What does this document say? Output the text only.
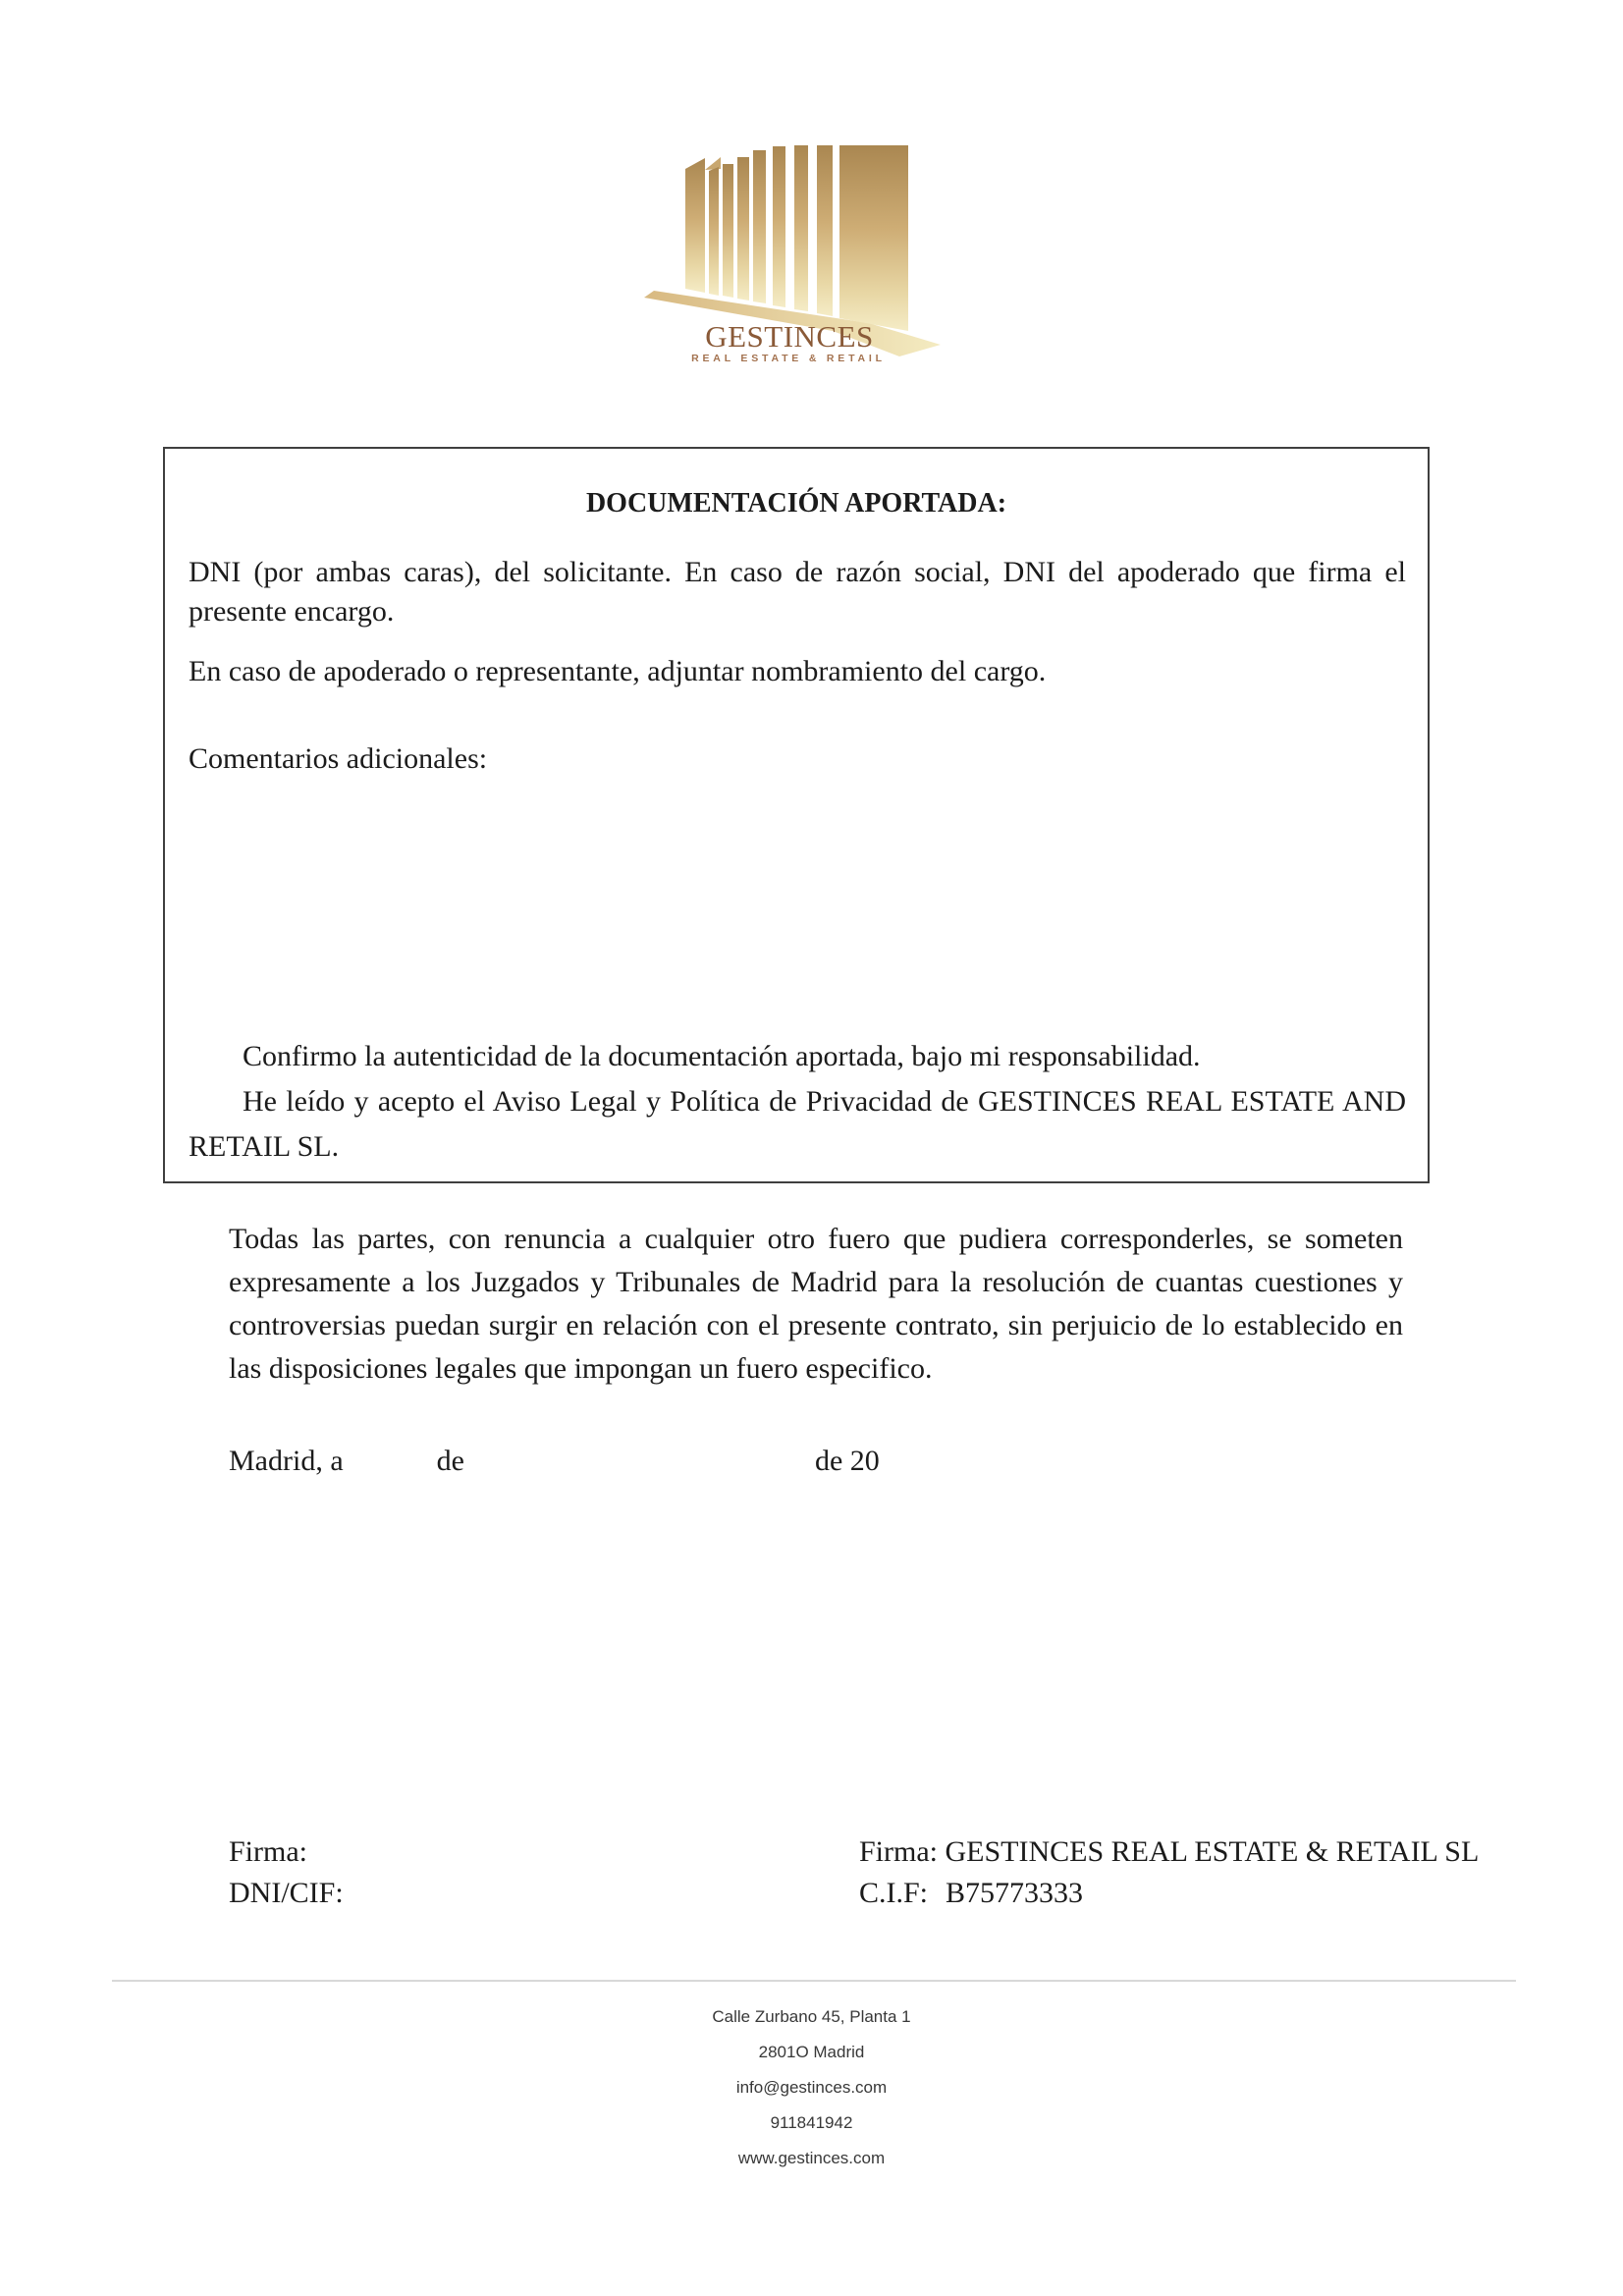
GESTINCES
REAL ESTATE & RETAIL
DOCUMENTACIÓN APORTADA:

DNI (por ambas caras), del solicitante. En caso de razón social, DNI del apoderado que firma el presente encargo.

En caso de apoderado o representante, adjuntar nombramiento del cargo.

Comentarios adicionales:

Confirmo la autenticidad de la documentación aportada, bajo mi responsabilidad.

He leído y acepto el Aviso Legal y Política de Privacidad de GESTINCES REAL ESTATE AND RETAIL SL.

Todas las partes, con renuncia a cualquier otro fuero que pudiera corresponderles, se someten expresamente a los Juzgados y Tribunales de Madrid para la resolución de cuantas cuestiones y controversias puedan surgir en relación con el presente contrato, sin perjuicio de lo establecido en las disposiciones legales que impongan un fuero especifico.
Madrid, a	de	de 20
Firma:	Firma: GESTINCES REAL ESTATE & RETAIL SL
DNI/CIF:	C.I.F: B75773333
Calle Zurbano 45, Planta 1
2801O Madrid
info@gestinces.com
911841942
www.gestinces.com
